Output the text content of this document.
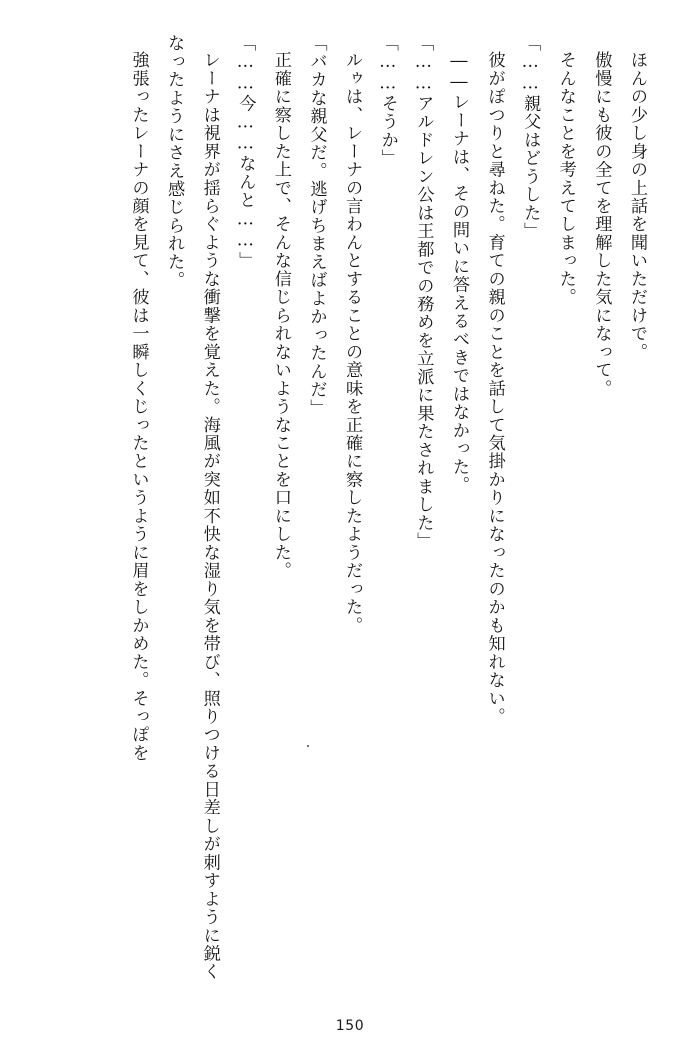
ほんの少し身の上話を聞いただけで。

傲慢にも彼の全てを理解した気になって。

そんなことを考えてしまった。

「……親父はどうした」

彼がぽつりと尋ねた。育ての親のことを話して気掛かりになったのかも知れない。

――レーナは、その問いに答えるべきではなかった。

「……アルドレン公は王都での務めを立派に果たされました」

「……そうか」

ルゥは、レーナの言わんとすることの意味を正確に察したようだった。

「バカな親父だ。逃げちまえばよかったんだ」

正確に察した上で、そんな信じられないようなことを口にした。

「……今……なんと……」

レーナは視界が揺らぐような衝撃を覚えた。海風が突如不快な湿り気を帯び、照りつける日差しが刺すように鋭くなったようにさえ感じられた。

強張ったレーナの顔を見て、彼は一瞬しくじったというように眉をしかめた。そっぽを

150
